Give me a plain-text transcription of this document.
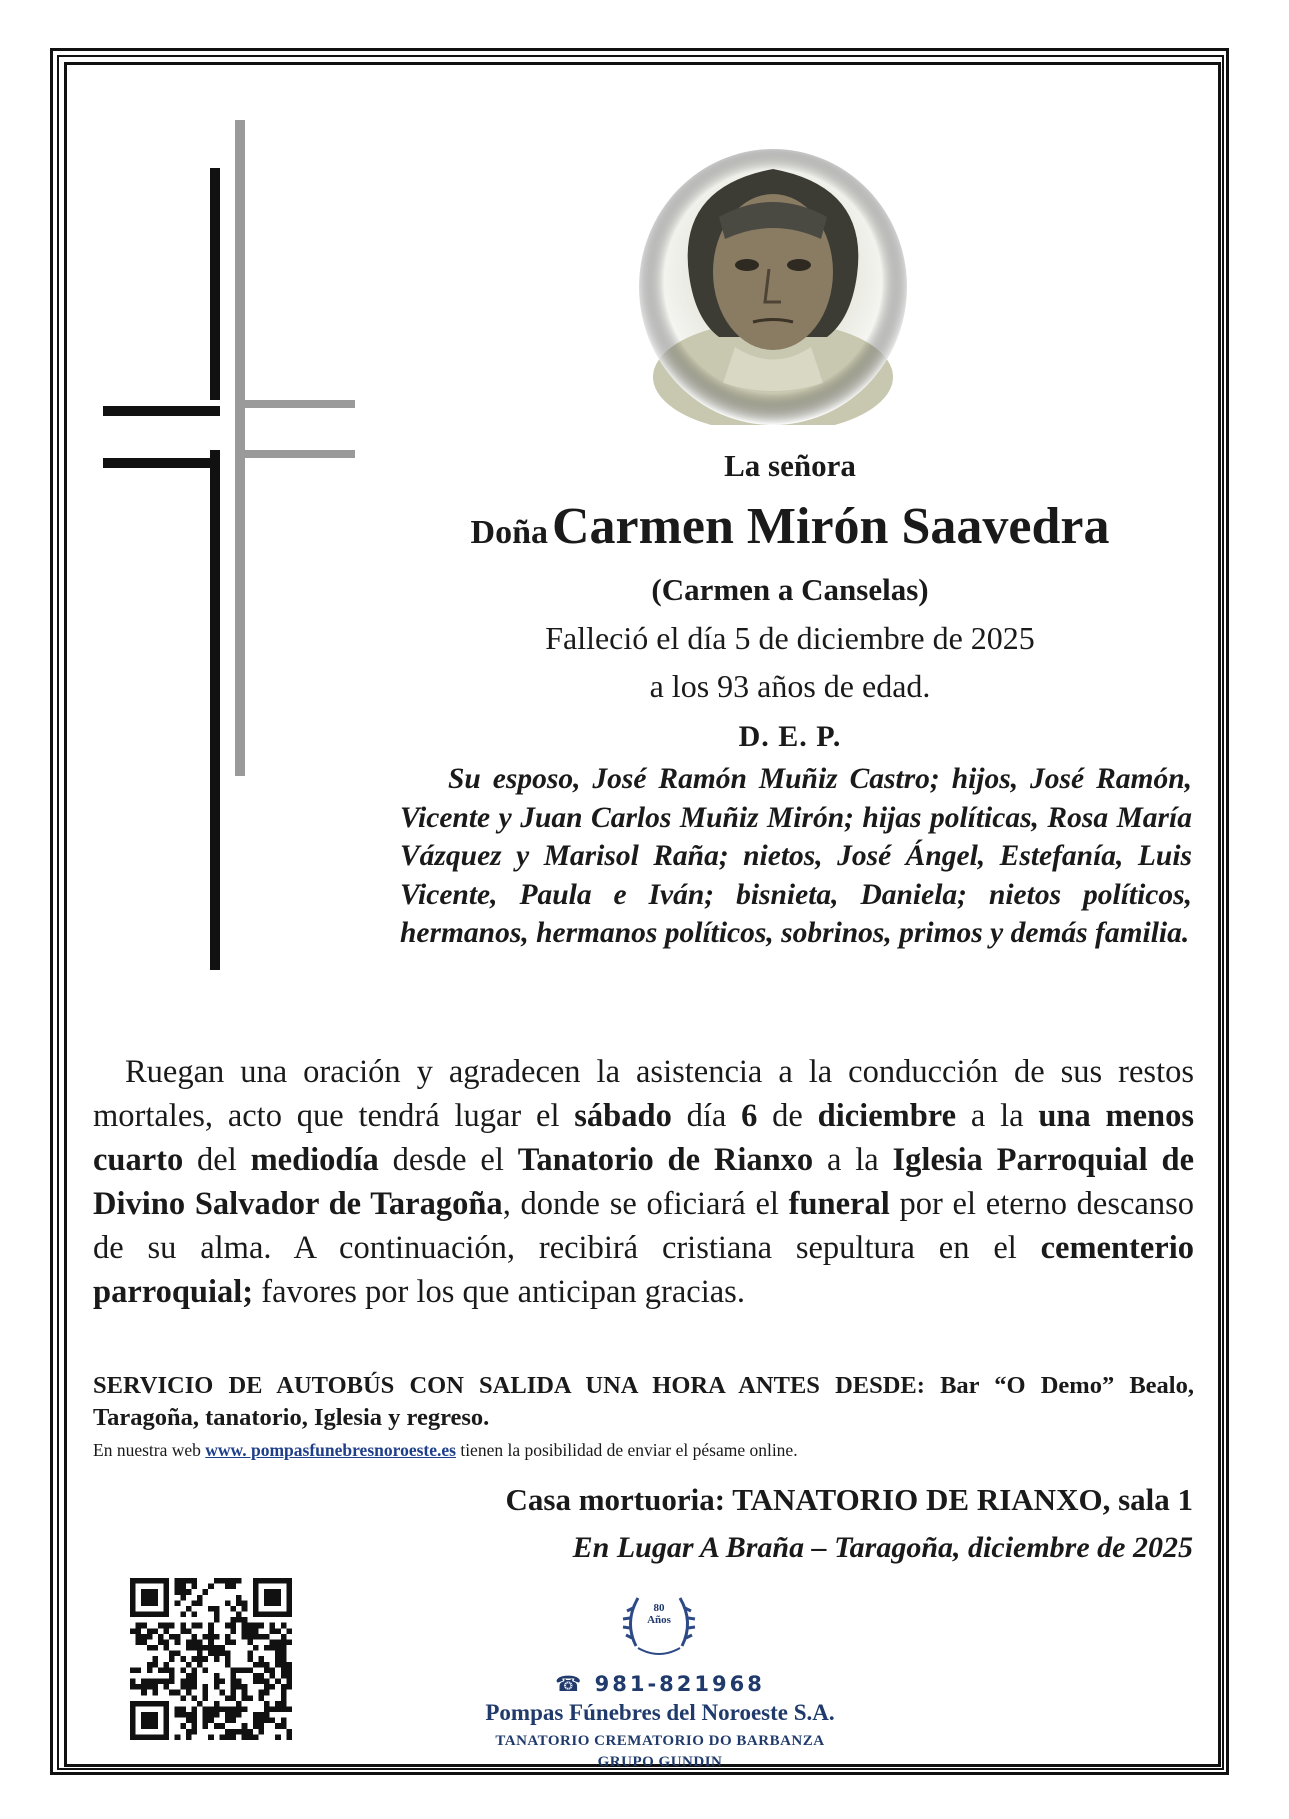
La señora
Doña Carmen Mirón Saavedra
(Carmen a Canselas)
Falleció el día 5 de diciembre de 2025
a los 93 años de edad.
D. E. P.
Su esposo, José Ramón Muñiz Castro; hijos, José Ramón, Vicente y Juan Carlos Muñiz Mirón; hijas políticas, Rosa María Vázquez y Marisol Raña; nietos, José Ángel, Estefanía, Luis Vicente, Paula e Iván; bisnieta, Daniela; nietos políticos, hermanos, hermanos políticos, sobrinos, primos y demás familia.
Ruegan una oración y agradecen la asistencia a la conducción de sus restos mortales, acto que tendrá lugar el sábado día 6 de diciembre a la una menos cuarto del mediodía desde el Tanatorio de Rianxo a la Iglesia Parroquial de Divino Salvador de Taragoña, donde se oficiará el funeral por el eterno descanso de su alma. A continuación, recibirá cristiana sepultura en el cementerio parroquial; favores por los que anticipan gracias.
SERVICIO DE AUTOBÚS CON SALIDA UNA HORA ANTES DESDE: Bar “O Demo” Bealo, Taragoña, tanatorio, Iglesia y regreso.
En nuestra web www. pompasfunebresnoroeste.es tienen la posibilidad de enviar el pésame online.
Casa mortuoria: TANATORIO DE RIANXO, sala 1
En Lugar A Braña – Taragoña, diciembre de 2025
80
Años
☎ 981-821968
Pompas Fúnebres del Noroeste S.A.
TANATORIO CREMATORIO DO BARBANZA
GRUPO GUNDIN
